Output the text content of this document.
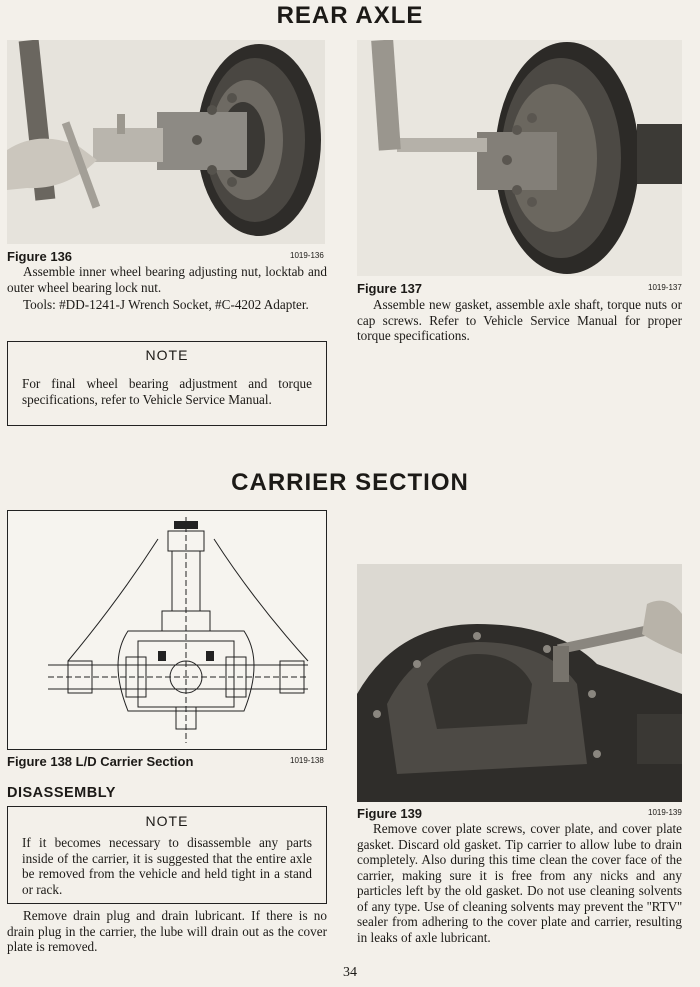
REAR AXLE
Figure 136	1019-136

Assemble inner wheel bearing adjusting nut, locktab and outer wheel bearing lock nut.

Tools: #DD-1241-J Wrench Socket, #C-4202 Adapter.

NOTE
For final wheel bearing adjustment and torque specifications, refer to Vehicle Service Manual.
Figure 137	1019-137

Assemble new gasket, assemble axle shaft, torque nuts or cap screws. Refer to Vehicle Service Manual for proper torque specifications.

CARRIER SECTION
Figure 138 L/D Carrier Section	1019-138
DISASSEMBLY
NOTE
If it becomes necessary to disassemble any parts inside of the carrier, it is suggested that the entire axle be removed from the vehicle and held tight in a stand or rack.

Remove drain plug and drain lubricant. If there is no drain plug in the carrier, the lube will drain out as the cover plate is removed.

Figure 139	1019-139

Remove cover plate screws, cover plate, and cover plate gasket. Discard old gasket. Tip carrier to allow lube to drain completely. Also during this time clean the cover face of the carrier, making sure it is free from any nicks and any particles left by the old gasket. Do not use cleaning solvents of any type. Use of cleaning solvents may prevent the ''RTV'' sealer from adhering to the cover plate and carrier, resulting in leaks of axle lubricant.

34
